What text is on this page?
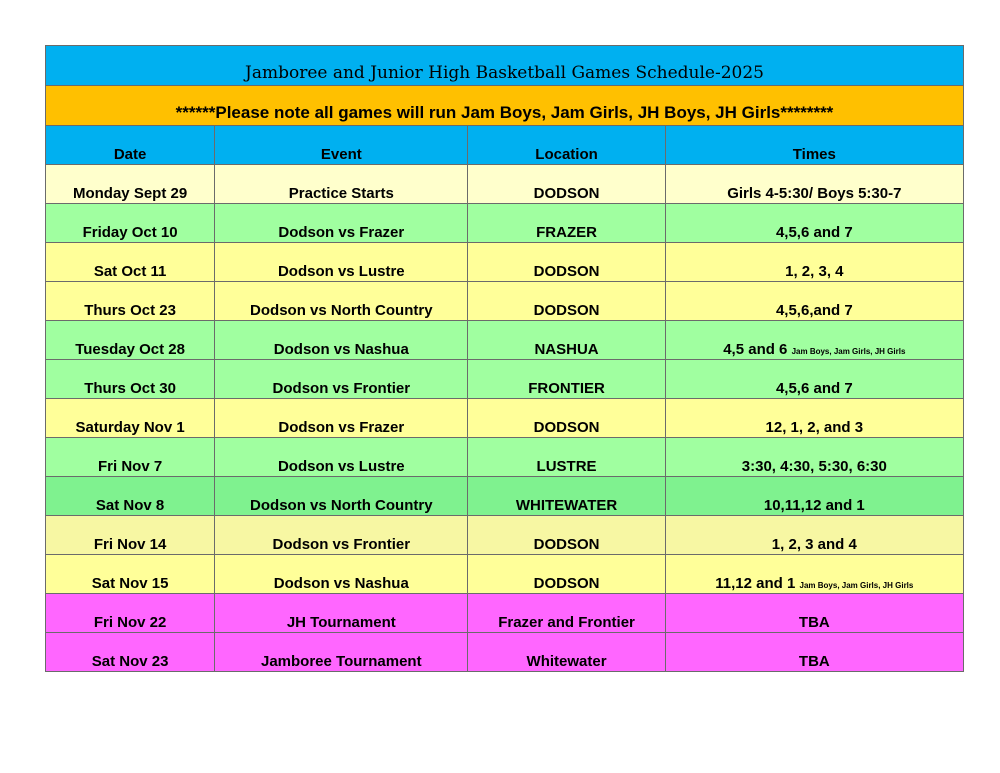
Jamboree and Junior High Basketball Games Schedule-2025			
******Please note all games will run Jam Boys, Jam Girls, JH Boys, JH Girls********			
Date	Event	Location	Times
Monday Sept 29	Practice Starts	DODSON	Girls 4-5:30/ Boys 5:30-7
Friday Oct 10	Dodson vs Frazer	FRAZER	4,5,6 and 7
Sat Oct 11	Dodson vs Lustre	DODSON	1, 2, 3, 4
Thurs Oct 23	Dodson vs North Country	DODSON	4,5,6,and 7
Tuesday Oct 28	Dodson vs Nashua	NASHUA	4,5 and 6 Jam Boys, Jam Girls, JH Girls
Thurs Oct 30	Dodson vs Frontier	FRONTIER	4,5,6 and 7
Saturday Nov 1	Dodson vs Frazer	DODSON	12, 1, 2, and 3
Fri Nov 7	Dodson vs Lustre	LUSTRE	3:30, 4:30, 5:30, 6:30
Sat Nov 8	Dodson vs North Country	WHITEWATER	10,11,12 and 1
Fri Nov 14	Dodson vs Frontier	DODSON	1, 2, 3 and 4
Sat Nov 15	Dodson vs Nashua	DODSON	11,12 and 1 Jam Boys, Jam Girls, JH Girls
Fri Nov 22	JH Tournament	Frazer and Frontier	TBA
Sat Nov 23	Jamboree Tournament	Whitewater	TBA
